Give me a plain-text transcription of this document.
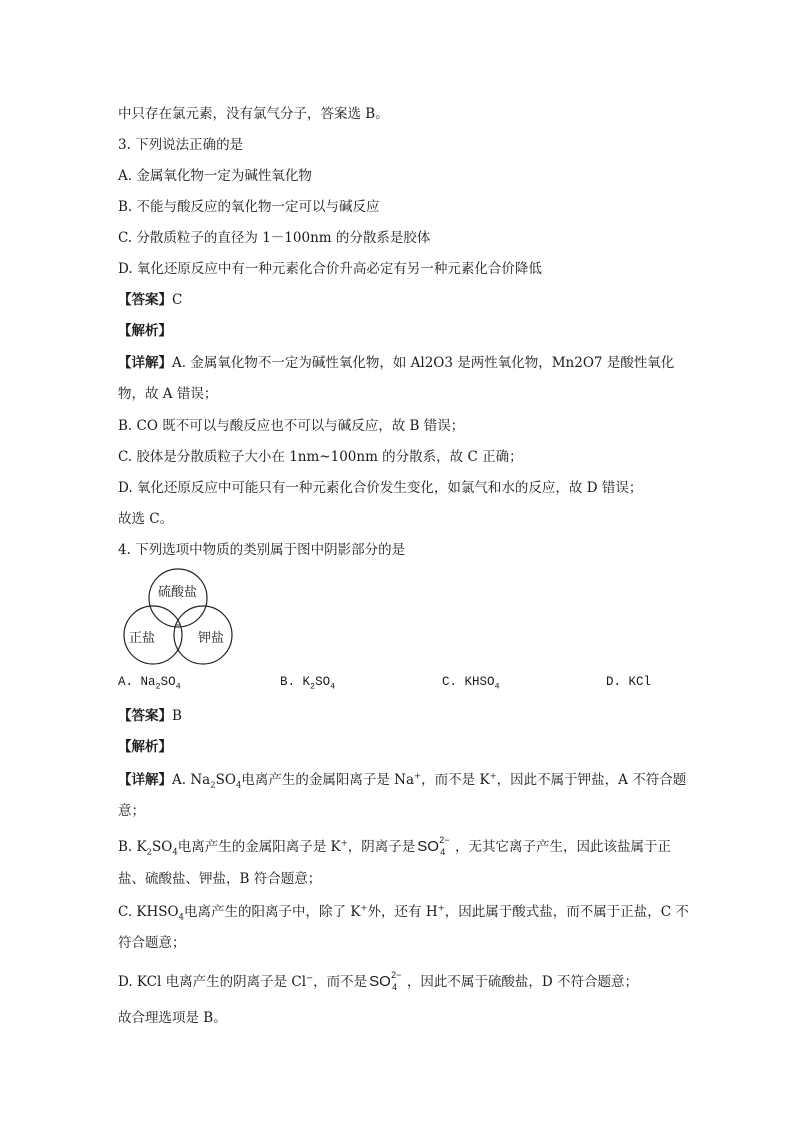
中只存在氯元素，没有氯气分子，答案选 B。
3. 下列说法正确的是
A. 金属氧化物一定为碱性氧化物
B. 不能与酸反应的氧化物一定可以与碱反应
C. 分散质粒子的直径为 1－100nm 的分散系是胶体
D. 氧化还原反应中有一种元素化合价升高必定有另一种元素化合价降低
【答案】C
【解析】
【详解】A. 金属氧化物不一定为碱性氧化物，如 Al2O3 是两性氧化物，Mn2O7 是酸性氧化
物，故 A 错误；
B. CO 既不可以与酸反应也不可以与碱反应，故 B 错误；
C. 胶体是分散质粒子大小在 1nm~100nm 的分散系，故 C 正确；
D. 氧化还原反应中可能只有一种元素化合价发生变化，如氯气和水的反应，故 D 错误；
故选 C。
4. 下列选项中物质的类别属于图中阴影部分的是
硫酸盐
正盐	钾盐
A. $Na_2SO_4$	B. $K_2SO_4$	C. $KHSO_4$	D. KCl
【答案】B
【解析】
【详解】A. $Na_2SO_4$电离产生的金属阳离子是 Na+，而不是 K+，因此不属于钾盐，A 不符合题
意；
B. $K_2SO_4$电离产生的金属阳离子是 K+，阴离子是 SO 2−
4 ，无其它离子产生，因此该盐属于正
盐、硫酸盐、钾盐，B 符合题意；
C. $KHSO_4$电离产生的阳离子中，除了 K+外，还有 H+，因此属于酸式盐，而不属于正盐，C 不
符合题意；
D. KCl 电离产生的阴离子是 Cl−，而不是 SO 2−
4 ，因此不属于硫酸盐，D 不符合题意；
故合理选项是 B。
